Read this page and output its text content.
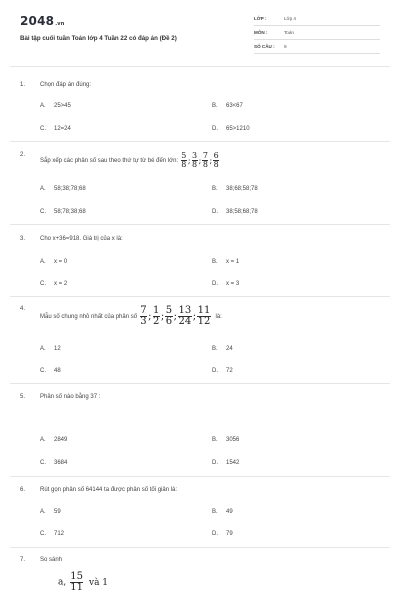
2048.vn
Bài tập cuối tuần Toán lớp 4 Tuần 22 có đáp án (Đề 2)
LỚP :	Lớp 4
MÔN :	Toán
SỐ CÂU : 9
1. Chọn đáp án đúng:
A. 25>45	B. 63<67
C. 12=24	D. 65>1210
2.
Sắp xếp các phân số sau theo thứ tự từ bé đến lớn: $\frac{5}{8}$ ; $\frac{3}{8}$ ; $\frac{7}{8}$ ; $\frac{6}{8}$
A. 58;38;78;68	B. 38;68;58;78
C. 58;78;38;68	D. 38;58;68;78
3. Cho x+36=918. Giá trị của x là:
A. x = 0	B. x = 1
C. x = 2	D. x = 3
4.
Mẫu số chung nhỏ nhất của phân số $\frac{7}{3}$ ; $\frac{1}{2}$ ; $\frac{5}{6}$ ; $\frac{13}{24}$ ; $\frac{11}{12}$ là:
A. 12	B. 24
C. 48	D. 72
5. Phân số nào bằng 37 :
A. 2849	B. 3056
C. 3684	D. 1542
6. Rút gọn phân số 64144 ta được phân số tối giản là:
A. 59	B. 49
C. 712	D. 79
7. So sánh
a, $\frac{15}{11}$ và 1
